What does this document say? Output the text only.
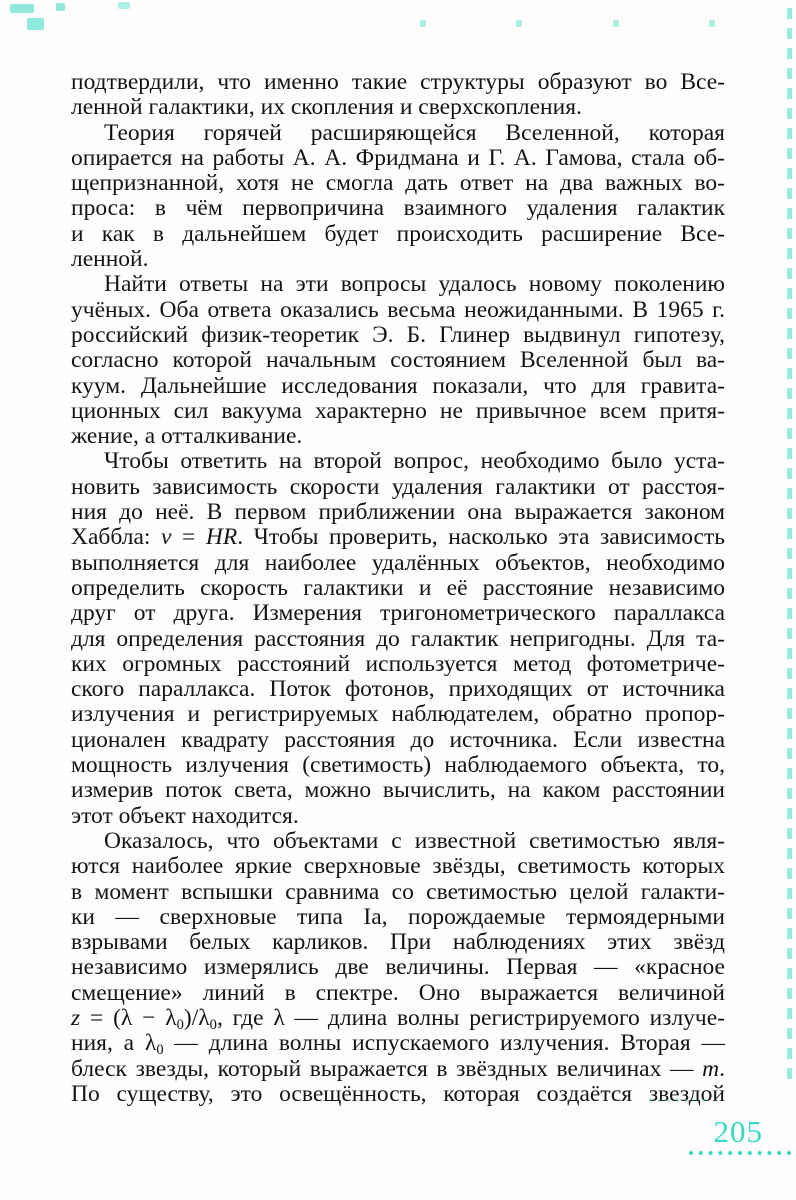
подтвердили, что именно такие структуры образуют во Все-
ленной галактики, их скопления и сверхскопления.
Теория горячей расширяющейся Вселенной, которая
опирается на работы А. А. Фридмана и Г. А. Гамова, стала об-
щепризнанной, хотя не смогла дать ответ на два важных во-
проса: в чём первопричина взаимного удаления галактик
и как в дальнейшем будет происходить расширение Все-
ленной.
Найти ответы на эти вопросы удалось новому поколению
учёных. Оба ответа оказались весьма неожиданными. В 1965 г.
российский физик-теоретик Э. Б. Глинер выдвинул гипотезу,
согласно которой начальным состоянием Вселенной был ва-
куум. Дальнейшие исследования показали, что для гравита-
ционных сил вакуума характерно не привычное всем притя-
жение, а отталкивание.
Чтобы ответить на второй вопрос, необходимо было уста-
новить зависимость скорости удаления галактики от расстоя-
ния до неё. В первом приближении она выражается законом
Хаббла: v = HR. Чтобы проверить, насколько эта зависимость
выполняется для наиболее удалённых объектов, необходимо
определить скорость галактики и её расстояние независимо
друг от друга. Измерения тригонометрического параллакса
для определения расстояния до галактик непригодны. Для та-
ких огромных расстояний используется метод фотометриче-
ского параллакса. Поток фотонов, приходящих от источника
излучения и регистрируемых наблюдателем, обратно пропор-
ционален квадрату расстояния до источника. Если известна
мощность излучения (светимость) наблюдаемого объекта, то,
измерив поток света, можно вычислить, на каком расстоянии
этот объект находится.
Оказалось, что объектами с известной светимостью явля-
ются наиболее яркие сверхновые звёзды, светимость которых
в момент вспышки сравнима со светимостью целой галакти-
ки — сверхновые типа Ia, порождаемые термоядерными
взрывами белых карликов. При наблюдениях этих звёзд
независимо измерялись две величины. Первая — «красное
смещение» линий в спектре. Оно выражается величиной
$z = (\lambda - \lambda_0)/\lambda_0$, где λ — длина волны регистрируемого излуче-
ния, а $\lambda_0$ — длина волны испускаемого излучения. Вторая —
блеск звезды, который выражается в звёздных величинах — m.
По существу, это освещённость, которая создаётся звездой
205
